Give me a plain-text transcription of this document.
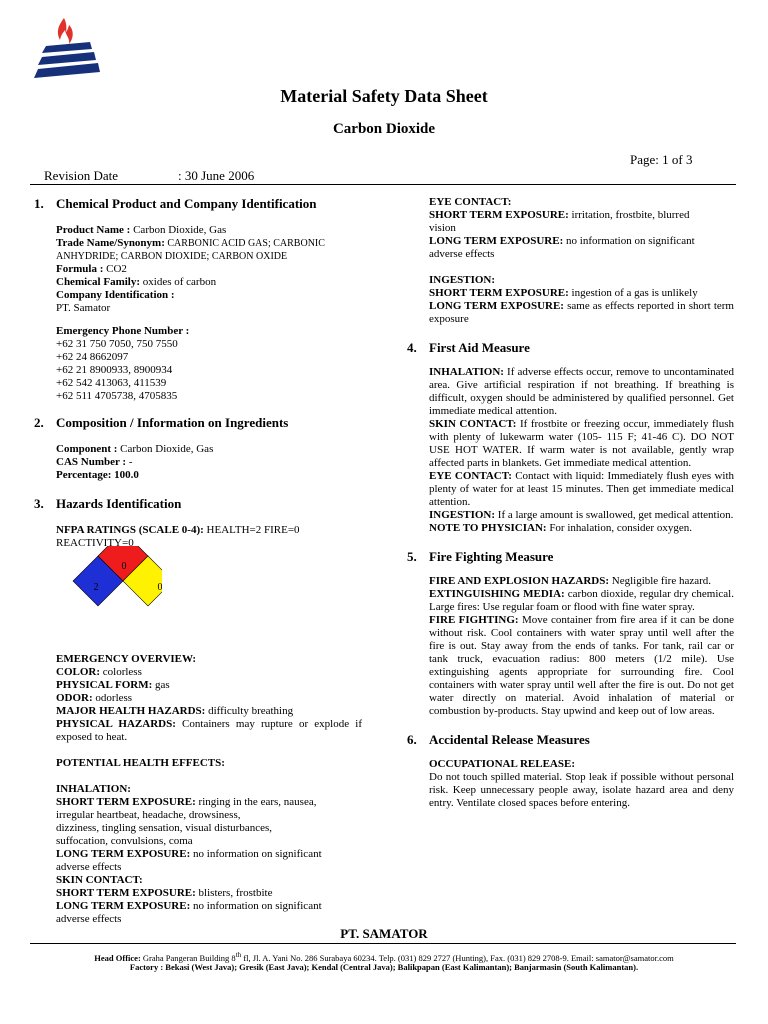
Material Safety Data Sheet
Carbon Dioxide
Page: 1 of 3
Revision Date	: 30 June 2006
1. Chemical Product and Company Identification

Product Name : Carbon Dioxide, Gas

Trade Name/Synonym: CARBONIC ACID GAS; CARBONIC

ANHYDRIDE; CARBON DIOXIDE; CARBON OXIDE

Formula : CO2

Chemical Family: oxides of carbon

Company Identification :

PT. Samator

Emergency Phone Number :

+62 31 750 7050, 750 7550

+62 24 8662097

+62 21 8900933, 8900934

+62 542 413063, 411539

+62 511 4705738, 4705835

2. Composition / Information on Ingredients

Component : Carbon Dioxide, Gas

CAS Number : -

Percentage: 100.0

3. Hazards Identification

NFPA RATINGS (SCALE 0-4): HEALTH=2 FIRE=0

REACTIVITY=0

0
2	0

EMERGENCY OVERVIEW:

COLOR: colorless

PHYSICAL FORM: gas

ODOR: odorless

MAJOR HEALTH HAZARDS: difficulty breathing

PHYSICAL HAZARDS: Containers may rupture or explode if exposed to heat.

POTENTIAL HEALTH EFFECTS:

INHALATION:

SHORT TERM EXPOSURE: ringing in the ears, nausea,

irregular heartbeat, headache, drowsiness,

dizziness, tingling sensation, visual disturbances,

suffocation, convulsions, coma

LONG TERM EXPOSURE: no information on significant

adverse effects

SKIN CONTACT:

SHORT TERM EXPOSURE: blisters, frostbite

LONG TERM EXPOSURE: no information on significant

adverse effects

EYE CONTACT:

SHORT TERM EXPOSURE: irritation, frostbite, blurred

vision

LONG TERM EXPOSURE: no information on significant

adverse effects

INGESTION:

SHORT TERM EXPOSURE: ingestion of a gas is unlikely

LONG TERM EXPOSURE: same as effects reported in short term exposure

4. First Aid Measure

INHALATION: If adverse effects occur, remove to uncontaminated area. Give artificial respiration if not breathing. If breathing is difficult, oxygen should be administered by qualified personnel. Get immediate medical attention.

SKIN CONTACT: If frostbite or freezing occur, immediately flush with plenty of lukewarm water (105- 115 F; 41-46 C). DO NOT USE HOT WATER. If warm water is not available, gently wrap affected parts in blankets. Get immediate medical attention.

EYE CONTACT: Contact with liquid: Immediately flush eyes with plenty of water for at least 15 minutes. Then get immediate medical attention.

INGESTION: If a large amount is swallowed, get medical attention.

NOTE TO PHYSICIAN: For inhalation, consider oxygen.

5. Fire Fighting Measure

FIRE AND EXPLOSION HAZARDS: Negligible fire hazard.

EXTINGUISHING MEDIA: carbon dioxide, regular dry chemical. Large fires: Use regular foam or flood with fine water spray.

FIRE FIGHTING: Move container from fire area if it can be done without risk. Cool containers with water spray until well after the fire is out. Stay away from the ends of tanks. For tank, rail car or tank truck, evacuation radius: 800 meters (1/2 mile). Use extinguishing agents appropriate for surrounding fire. Cool containers with water spray until well after the fire is out. Do not get water directly on material. Avoid inhalation of material or combustion by-products. Stay upwind and keep out of low areas.

6. Accidental Release Measures

OCCUPATIONAL RELEASE:

Do not touch spilled material. Stop leak if possible without personal risk. Keep unnecessary people away, isolate hazard area and deny entry. Ventilate closed spaces before entering.

PT. SAMATOR
Head Office: Graha Pangeran Building 8th fl, Jl. A. Yani No. 286 Surabaya 60234. Telp. (031) 829 2727 (Hunting), Fax. (031) 829 2708-9. Email: samator@samator.com
Factory : Bekasi (West Java); Gresik (East Java); Kendal (Central Java); Balikpapan (East Kalimantan); Banjarmasin (South Kalimantan).
